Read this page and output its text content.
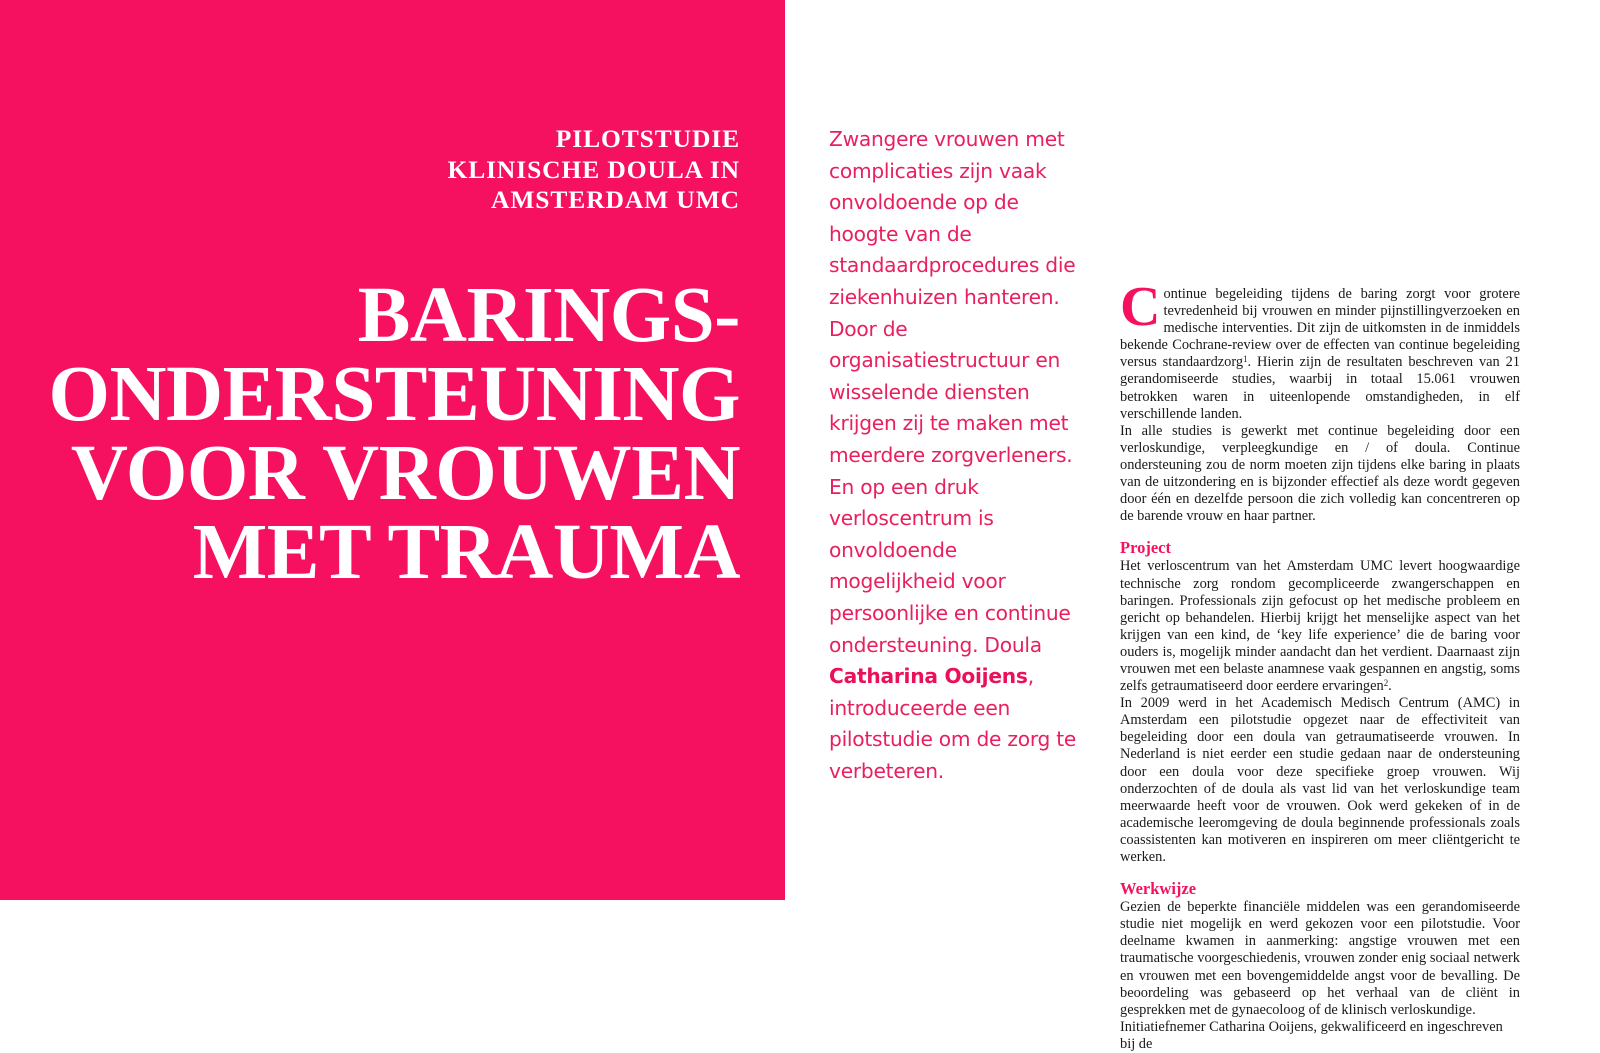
PILOTSTUDIE
KLINISCHE DOULA IN
AMSTERDAM UMC
BARINGS-
ONDERSTEUNING
VOOR VROUWEN
MET TRAUMA
Zwangere vrouwen met complicaties zijn vaak onvoldoende op de hoogte van de standaardprocedures die ziekenhuizen hanteren. Door de organisatiestructuur en wisselende diensten krijgen zij te maken met meerdere zorgverleners. En op een druk verloscentrum is onvoldoende mogelijkheid voor persoonlijke en continue ondersteuning. Doula Catharina Ooijens, introduceerde een pilotstudie om de zorg te verbeteren.

Continue begeleiding tijdens de baring zorgt voor grotere tevredenheid bij vrouwen en minder pijnstillingverzoeken en medische interventies. Dit zijn de uitkomsten in de inmiddels bekende Cochrane-review over de effecten van continue begeleiding versus standaardzorg$^1$. Hierin zijn de resultaten beschreven van 21 gerandomiseerde studies, waarbij in totaal 15.061 vrouwen betrokken waren in uiteenlopende omstandigheden, in elf verschillende landen.

In alle studies is gewerkt met continue begeleiding door een verloskundige, verpleegkundige en / of doula. Continue ondersteuning zou de norm moeten zijn tijdens elke baring in plaats van de uitzondering en is bijzonder effectief als deze wordt gegeven door één en dezelfde persoon die zich volledig kan concentreren op de barende vrouw en haar partner.

Project

Het verloscentrum van het Amsterdam UMC levert hoogwaardige technische zorg rondom gecompliceerde zwangerschappen en baringen. Professionals zijn gefocust op het medische probleem en gericht op behandelen. Hierbij krijgt het menselijke aspect van het krijgen van een kind, de ‘key life experience’ die de baring voor ouders is, mogelijk minder aandacht dan het verdient. Daarnaast zijn vrouwen met een belaste anamnese vaak gespannen en angstig, soms zelfs getraumatiseerd door eerdere ervaringen$^2$.

In 2009 werd in het Academisch Medisch Centrum (AMC) in Amsterdam een pilotstudie opgezet naar de effectiviteit van begeleiding door een doula van getraumatiseerde vrouwen. In Nederland is niet eerder een studie gedaan naar de ondersteuning door een doula voor deze specifieke groep vrouwen. Wij onderzochten of de doula als vast lid van het verloskundige team meerwaarde heeft voor de vrouwen. Ook werd gekeken of in de academische leeromgeving de doula beginnende professionals zoals coassistenten kan motiveren en inspireren om meer cliëntgericht te werken.

Werkwijze

Gezien de beperkte financiële middelen was een gerandomiseerde studie niet mogelijk en werd gekozen voor een pilotstudie. Voor deelname kwamen in aanmerking: angstige vrouwen met een traumatische voorgeschiedenis, vrouwen zonder enig sociaal netwerk en vrouwen met een bovengemiddelde angst voor de bevalling. De beoordeling was gebaseerd op het verhaal van de cliënt in gesprekken met de gynaecoloog of de klinisch verloskundige.

Initiatiefnemer Catharina Ooijens, gekwalificeerd en ingeschreven bij de
